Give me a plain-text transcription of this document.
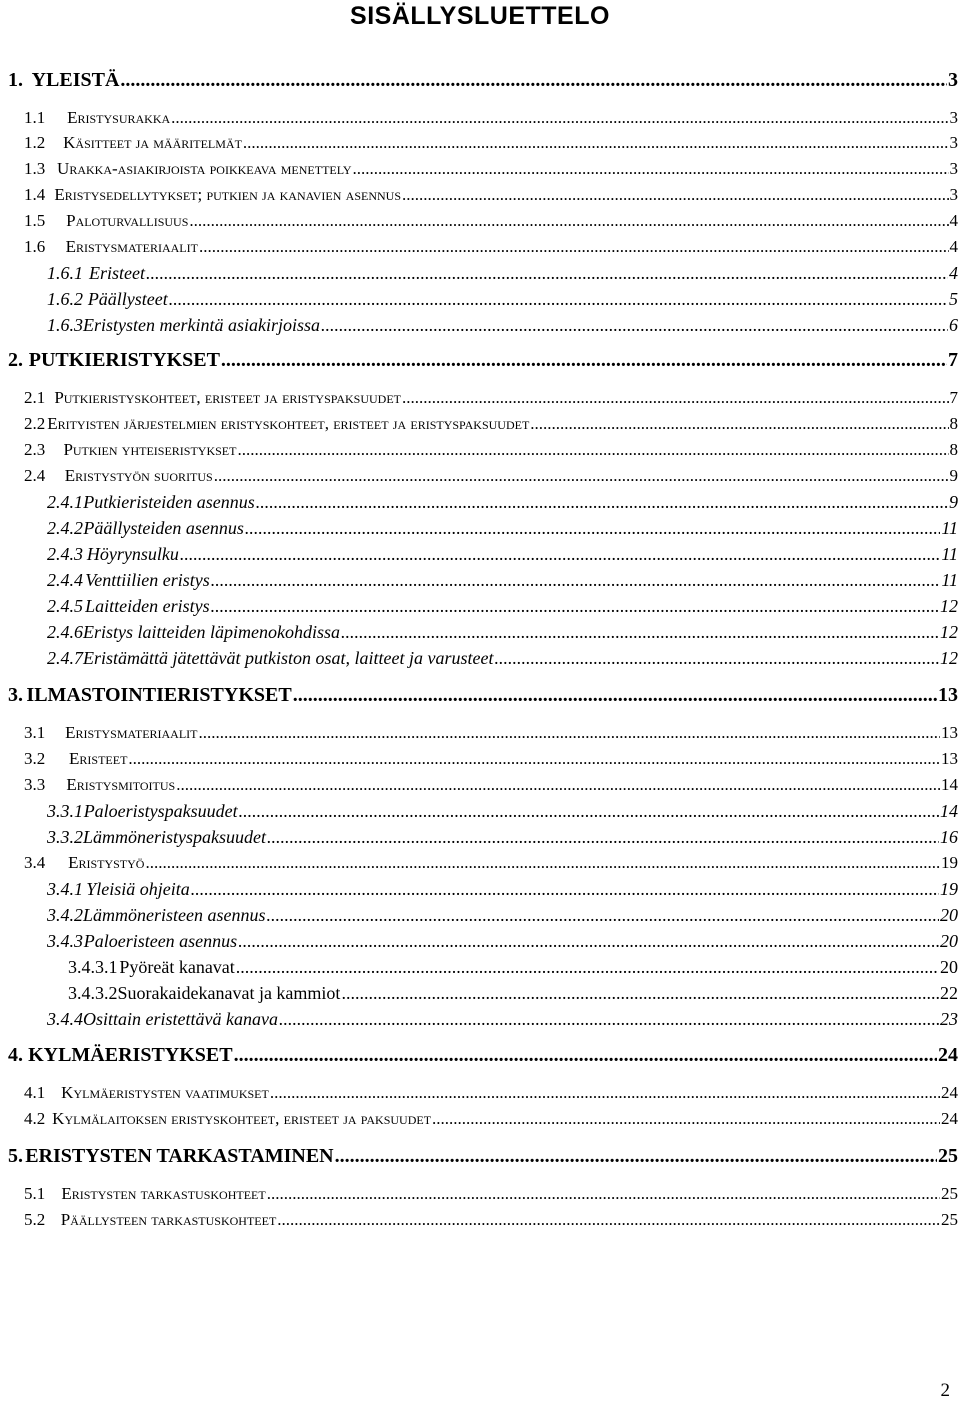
SISÄLLYSLUETTELO
1. YLEISTÄ .....	3
1.1	Eristysurakka .....	3
1.2	Käsitteet ja määritelmät .....	3
1.3 Urakka-asiakirjoista poikkeava menettely .....	3
1.4 Eristysedellytykset; putkien ja kanavien asennus .....	3
1.5	Paloturvallisuus .....	4
1.6	Eristysmateriaalit .....	4
1.6.1 Eristeet .....	4
1.6.2 Päällysteet .....	5
1.6.3 Eristysten merkintä asiakirjoissa .....	6
2. PUTKIERISTYKSET .....	7
2.1 Putkieristyskohteet, eristeet ja eristyspaksuudet .....	7
2.2 Erityisten järjestelmien eristyskohteet, eristeet ja eristyspaksuudet .....	8
2.3	Putkien yhteiseristykset .....	8
2.4	Eristystyön suoritus .....	9
2.4.1 Putkieristeiden asennus .....	9
2.4.2 Päällysteiden asennus .....	11
2.4.3 Höyrynsulku .....	11
2.4.4 Venttiilien eristys .....	11
2.4.5 Laitteiden eristys .....	12
2.4.6 Eristys laitteiden läpimenokohdissa .....	12
2.4.7 Eristämättä jätettävät putkiston osat, laitteet ja varusteet .....	12
3. ILMASTOINTIERISTYKSET .....	13
3.1	Eristysmateriaalit .....	13
3.2	Eristeet .....	13
3.3	Eristysmitoitus .....	14
3.3.1 Paloeristyspaksuudet .....	14
3.3.2 Lämmöneristyspaksuudet .....	16
3.4	Eristystyö .....	19
3.4.1 Yleisiä ohjeita .....	19
3.4.2 Lämmöneristeen asennus .....	20
3.4.3 Paloeristeen asennus .....	20
3.4.3.1 Pyöreät kanavat .....	20
3.4.3.2 Suorakaidekanavat ja kammiot .....	22
3.4.4 Osittain eristettävä kanava .....	23
4. KYLMÄERISTYKSET .....	24
4.1 Kylmäeristysten vaatimukset .....	24
4.2 Kylmälaitoksen eristyskohteet, eristeet ja paksuudet .....	24
5. ERISTYSTEN TARKASTAMINEN .....	25
5.1 Eristysten tarkastuskohteet .....	25
5.2 Päällysteen tarkastuskohteet .....	25
2
